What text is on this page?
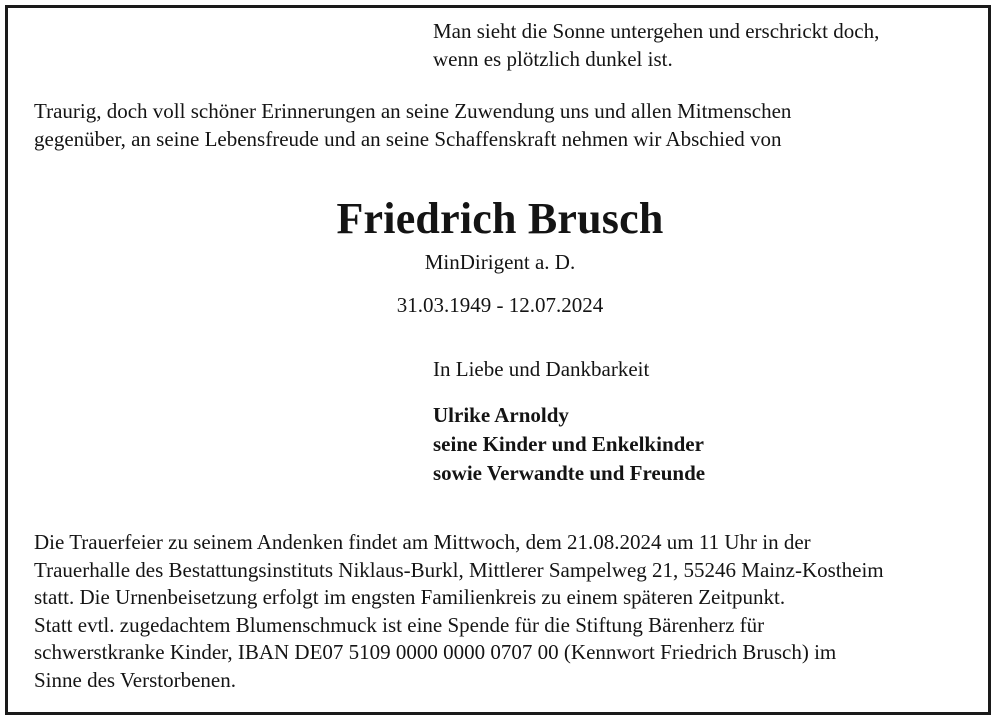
Man sieht die Sonne untergehen und erschrickt doch,
wenn es plötzlich dunkel ist.
Traurig, doch voll schöner Erinnerungen an seine Zuwendung uns und allen Mitmenschen
gegenüber, an seine Lebensfreude und an seine Schaffenskraft nehmen wir Abschied von
Friedrich Brusch
MinDirigent a. D.
31.03.1949 - 12.07.2024
In Liebe und Dankbarkeit
Ulrike Arnoldy
seine Kinder und Enkelkinder
sowie Verwandte und Freunde
Die Trauerfeier zu seinem Andenken findet am Mittwoch, dem 21.08.2024 um 11 Uhr in der
Trauerhalle des Bestattungsinstituts Niklaus-Burkl, Mittlerer Sampelweg 21, 55246 Mainz-Kostheim
statt. Die Urnenbeisetzung erfolgt im engsten Familienkreis zu einem späteren Zeitpunkt.
Statt evtl. zugedachtem Blumenschmuck ist eine Spende für die Stiftung Bärenherz für
schwerstkranke Kinder, IBAN DE07 5109 0000 0000 0707 00 (Kennwort Friedrich Brusch) im
Sinne des Verstorbenen.
